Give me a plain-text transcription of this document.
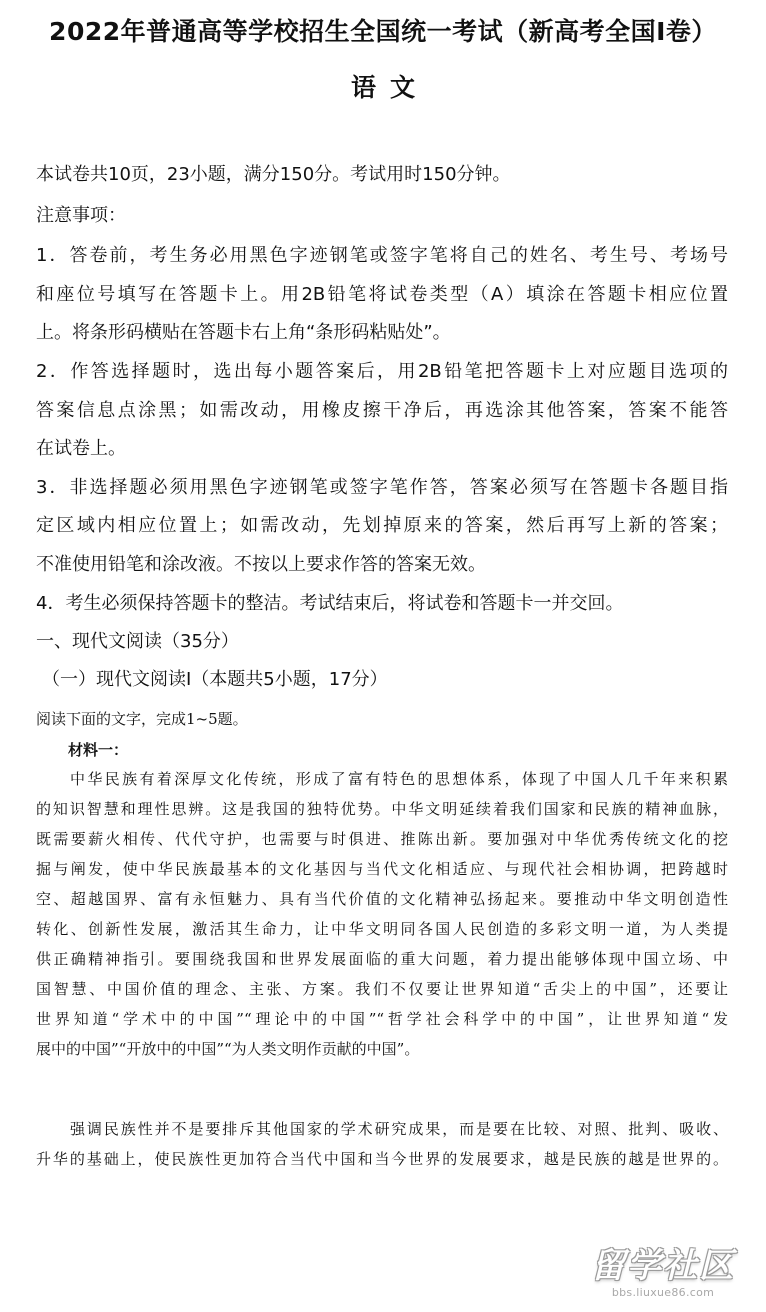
2022年普通高等学校招生全国统一考试（新高考全国Ⅰ卷）
语文
本试卷共10页，23小题，满分150分。考试用时150分钟。
注意事项：
1．答卷前，考生务必用黑色字迹钢笔或签字笔将自己的姓名、考生号、考场号
和座位号填写在答题卡上。用2B铅笔将试卷类型（A）填涂在答题卡相应位置
上。将条形码横贴在答题卡右上角“条形码粘贴处”。
2．作答选择题时，选出每小题答案后，用2B铅笔把答题卡上对应题目选项的
答案信息点涂黑；如需改动，用橡皮擦干净后，再选涂其他答案，答案不能答
在试卷上。
3．非选择题必须用黑色字迹钢笔或签字笔作答，答案必须写在答题卡各题目指
定区域内相应位置上；如需改动，先划掉原来的答案，然后再写上新的答案；
不准使用铅笔和涂改液。不按以上要求作答的答案无效。
4．考生必须保持答题卡的整洁。考试结束后，将试卷和答题卡一并交回。
一、现代文阅读（35分）
（一）现代文阅读Ⅰ（本题共5小题，17分）
阅读下面的文字，完成1~5题。
材料一：
中华民族有着深厚文化传统，形成了富有特色的思想体系，体现了中国人几千年来积累
的知识智慧和理性思辨。这是我国的独特优势。中华文明延续着我们国家和民族的精神血脉，
既需要薪火相传、代代守护，也需要与时俱进、推陈出新。要加强对中华优秀传统文化的挖
掘与阐发，使中华民族最基本的文化基因与当代文化相适应、与现代社会相协调，把跨越时
空、超越国界、富有永恒魅力、具有当代价值的文化精神弘扬起来。要推动中华文明创造性
转化、创新性发展，激活其生命力，让中华文明同各国人民创造的多彩文明一道，为人类提
供正确精神指引。要围绕我国和世界发展面临的重大问题，着力提出能够体现中国立场、中
国智慧、中国价值的理念、主张、方案。我们不仅要让世界知道“舌尖上的中国”，还要让
世界知道“学术中的中国”“理论中的中国”“哲学社会科学中的中国”，让世界知道“发
展中的中国”“开放中的中国”“为人类文明作贡献的中国”。
强调民族性并不是要排斥其他国家的学术研究成果，而是要在比较、对照、批判、吸收、
升华的基础上，使民族性更加符合当代中国和当今世界的发展要求，越是民族的越是世界的。
留学社区
bbs.liuxue86.com
